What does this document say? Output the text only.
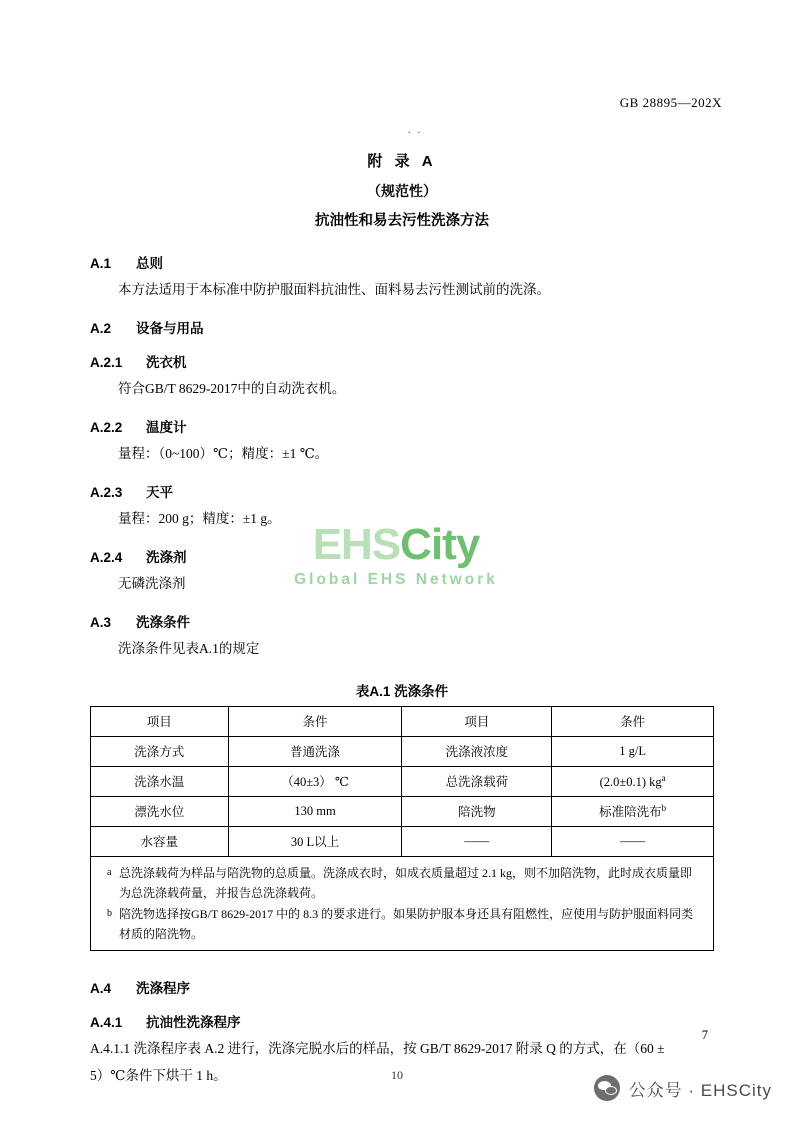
GB 28895—202X
. .
EHSCity
Global EHS Network
附 录 A
（规范性）
抗油性和易去污性洗涤方法
A.1 总则

本方法适用于本标准中防护服面料抗油性、面料易去污性测试前的洗涤。

A.2 设备与用品
A.2.1 洗衣机

符合GB/T 8629-2017中的自动洗衣机。

A.2.2 温度计

量程：（0~100）℃；精度：±1 ℃。

A.2.3 天平

量程：200 g；精度：±1 g。

A.2.4 洗涤剂

无磷洗涤剂

A.3 洗涤条件

洗涤条件见表A.1的规定

表A.1 洗涤条件
项目	条件	项目	条件
洗涤方式	普通洗涤	洗涤液浓度	1 g/L
洗涤水温	（40±3） ℃	总洗涤载荷	(2.0±0.1) $kg^a$
漂洗水位	130 mm	陪洗物	标准陪洗布$^b$
水容量	30 L以上	——	——

a 总洗涤载荷为样品与陪洗物的总质量。洗涤成衣时，如成衣质量超过 2.1 kg，则不加陪洗物，此时成衣质量即
为总洗涤载荷量，并报告总洗涤载荷。
b 陪洗物选择按GB/T 8629-2017 中的 8.3 的要求进行。如果防护服本身还具有阻燃性，应使用与防护服面料同类
材质的陪洗物。
A.4 洗涤程序
A.4.1 抗油性洗涤程序

A.4.1.1 洗涤程序表 A.2 进行，洗涤完脱水后的样品，按 GB/T 8629-2017 附录 Q 的方式，在（60 ±

5）℃条件下烘干 1 h。

7
10
公众号 · EHSCity
